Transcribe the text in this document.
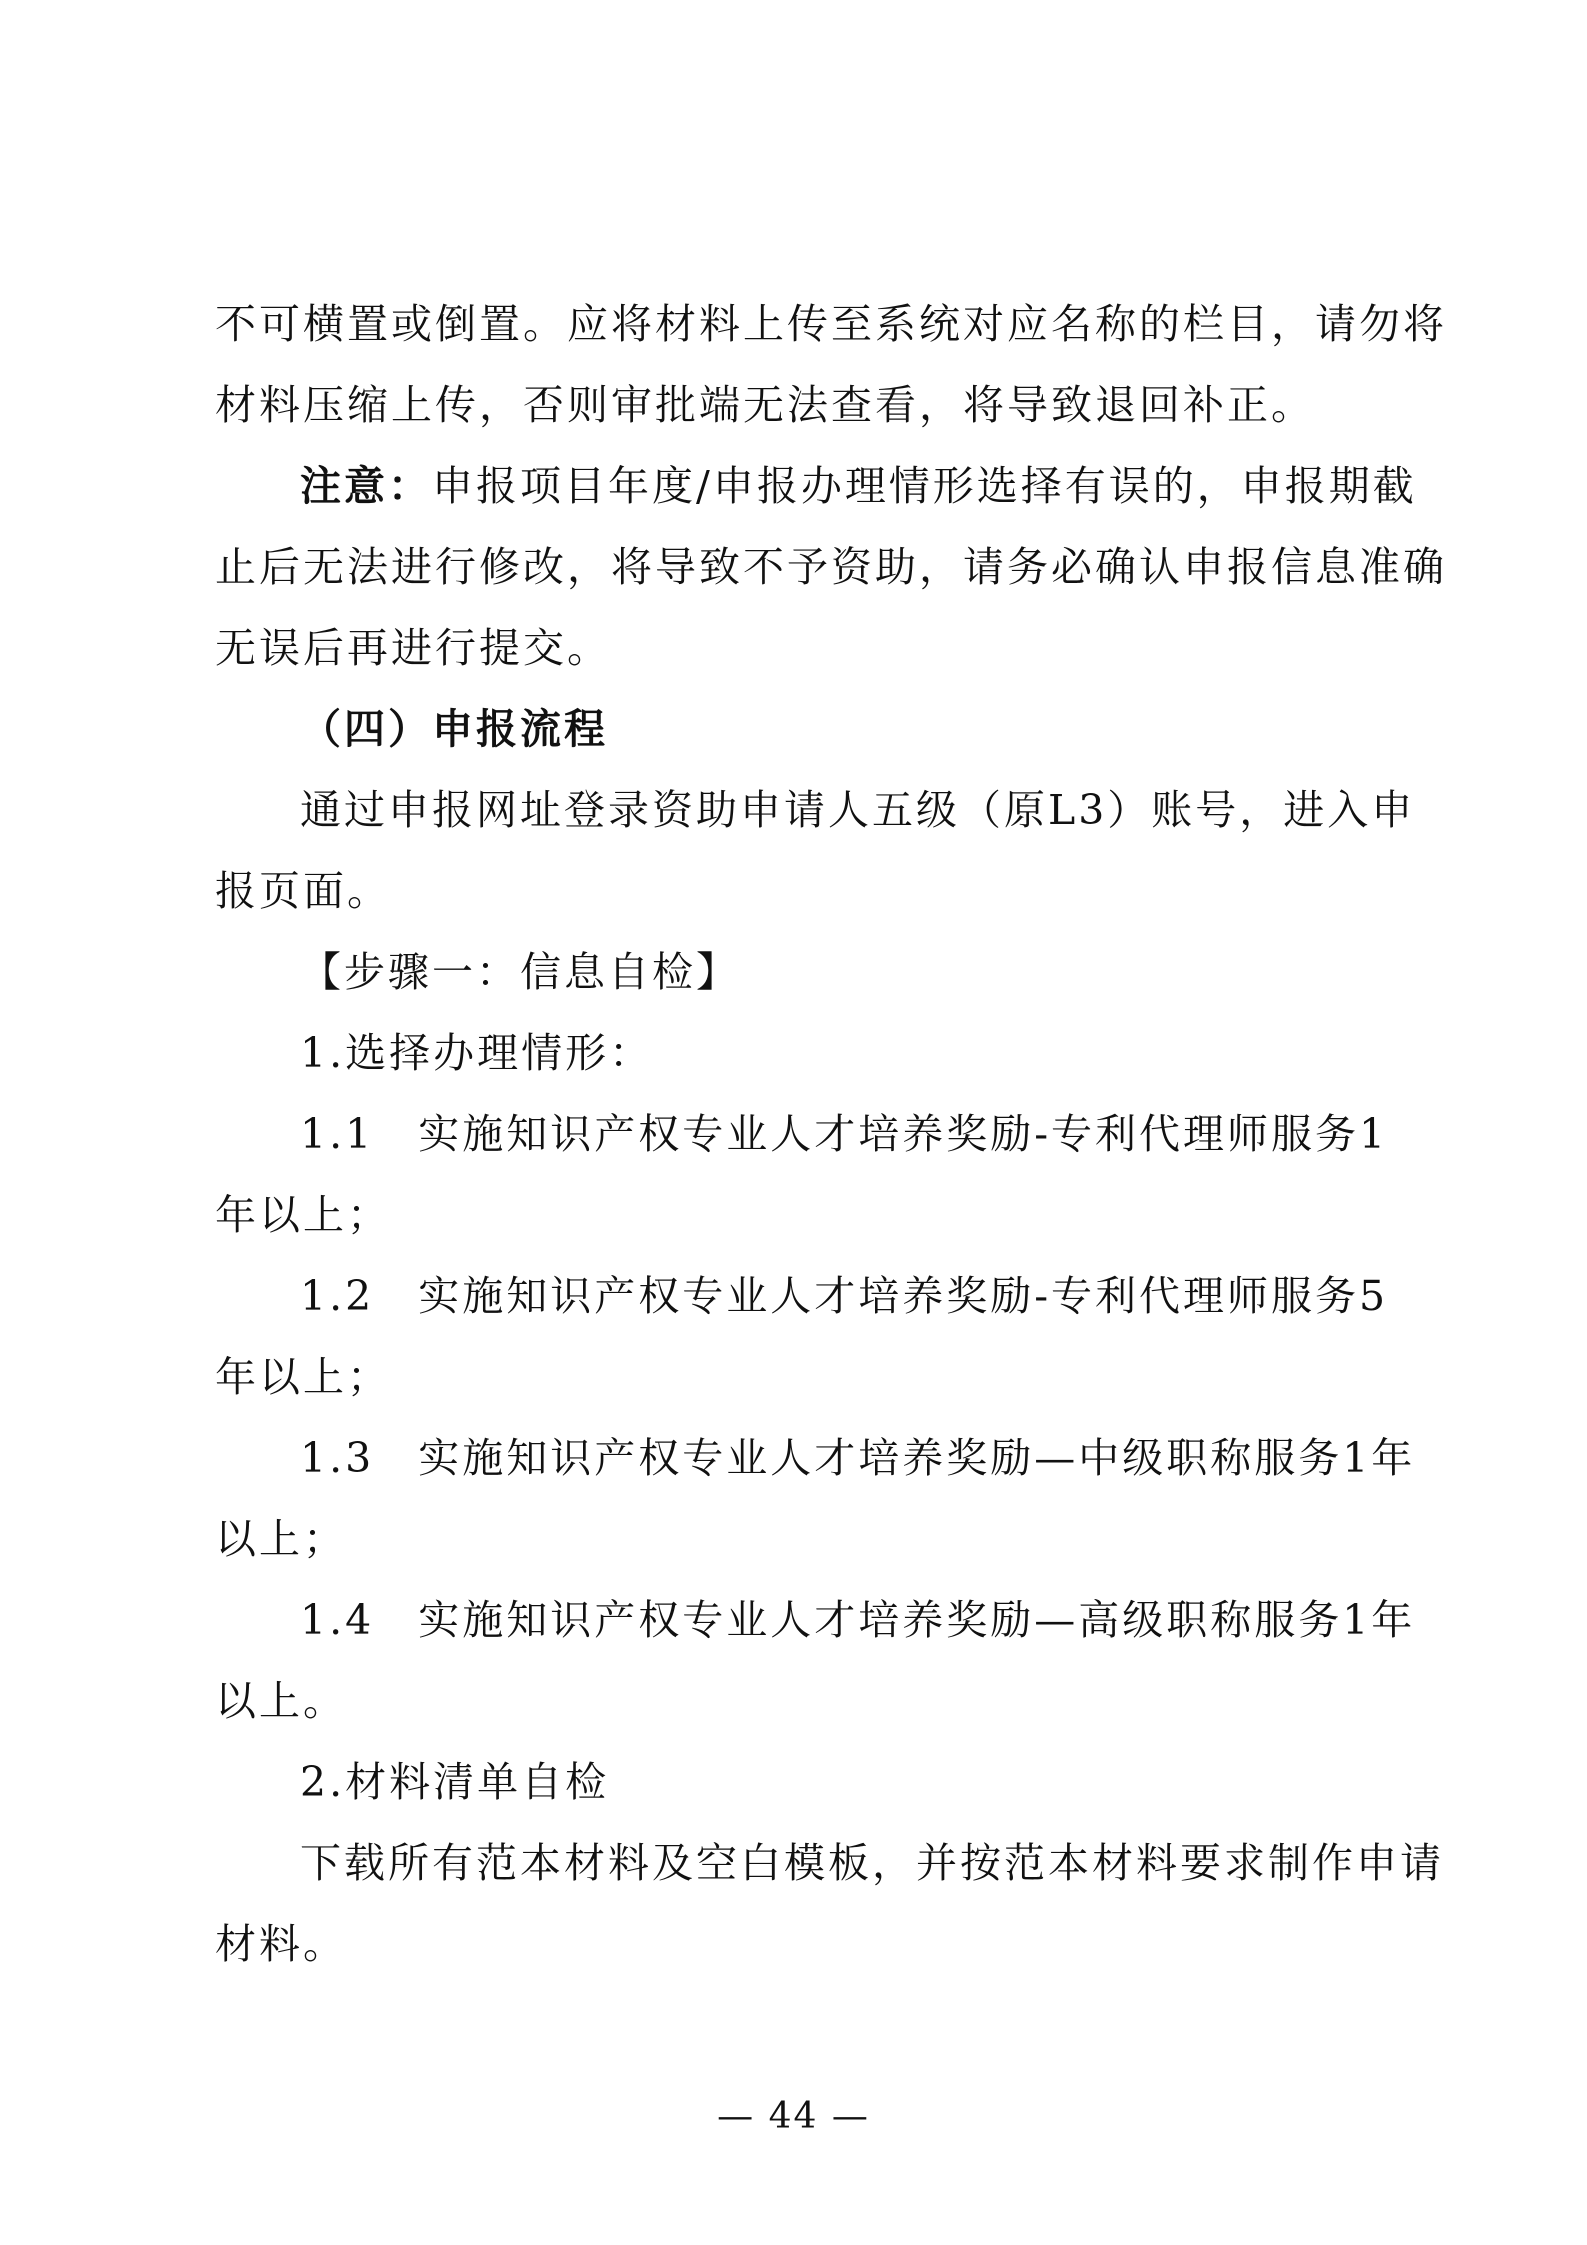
不可横置或倒置。应将材料上传至系统对应名称的栏目，请勿将
材料压缩上传，否则审批端无法查看，将导致退回补正。
注意：申报项目年度/申报办理情形选择有误的，申报期截
止后无法进行修改，将导致不予资助，请务必确认申报信息准确
无误后再进行提交。
（四）申报流程
通过申报网址登录资助申请人五级（原L3）账号，进入申
报页面。
【步骤一：信息自检】
1.选择办理情形：
1.1　实施知识产权专业人才培养奖励-专利代理师服务1
年以上；
1.2　实施知识产权专业人才培养奖励-专利代理师服务5
年以上；
1.3　实施知识产权专业人才培养奖励—中级职称服务1年
以上；
1.4　实施知识产权专业人才培养奖励—高级职称服务1年
以上。
2.材料清单自检
下载所有范本材料及空白模板，并按范本材料要求制作申请
材料。
— 44 —
